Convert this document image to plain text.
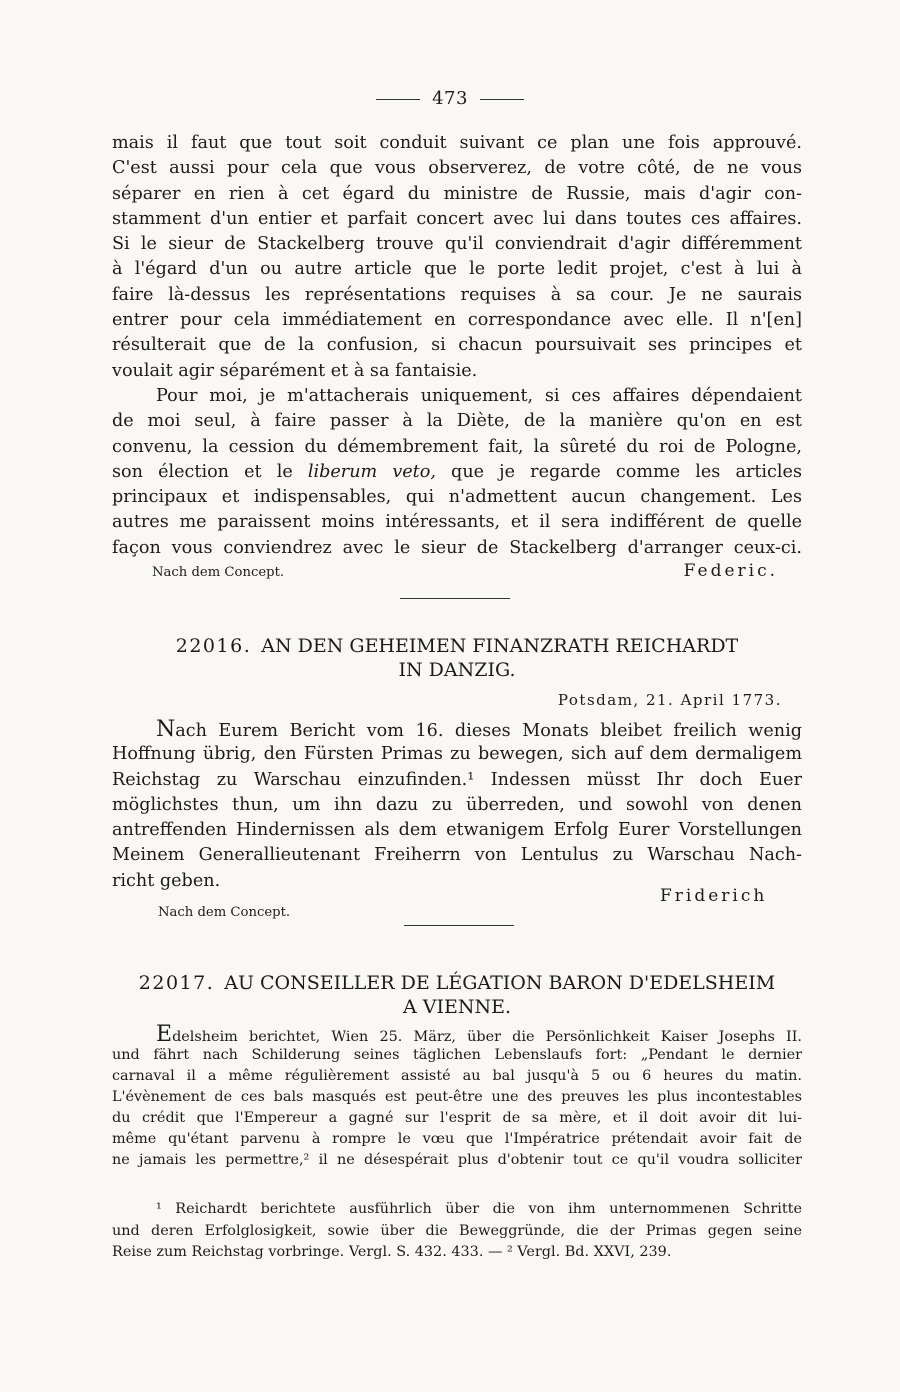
473
mais il faut que tout soit conduit suivant ce plan une fois approuvé.
C'est aussi pour cela que vous observerez, de votre côté, de ne vous
séparer en rien à cet égard du ministre de Russie, mais d'agir con-
stamment d'un entier et parfait concert avec lui dans toutes ces affaires.
Si le sieur de Stackelberg trouve qu'il conviendrait d'agir différemment
à l'égard d'un ou autre article que le porte ledit projet, c'est à lui à
faire là-dessus les représentations requises à sa cour. Je ne saurais
entrer pour cela immédiatement en correspondance avec elle. Il n'[en]
résulterait que de la confusion, si chacun poursuivait ses principes et
voulait agir séparément et à sa fantaisie.
Pour moi, je m'attacherais uniquement, si ces affaires dépendaient
de moi seul, à faire passer à la Diète, de la manière qu'on en est
convenu, la cession du démembrement fait, la sûreté du roi de Pologne,
son élection et le liberum veto, que je regarde comme les articles
principaux et indispensables, qui n'admettent aucun changement. Les
autres me paraissent moins intéressants, et il sera indifférent de quelle
façon vous conviendrez avec le sieur de Stackelberg d'arranger ceux-ci.
Nach dem Concept.	Federic.
22016. AN DEN GEHEIMEN FINANZRATH REICHARDT
IN DANZIG.
Potsdam, 21. April 1773.
Nach Eurem Bericht vom 16. dieses Monats bleibet freilich wenig
Hoffnung übrig, den Fürsten Primas zu bewegen, sich auf dem dermaligem
Reichstag zu Warschau einzufinden.¹ Indessen müsst Ihr doch Euer
möglichstes thun, um ihn dazu zu überreden, und sowohl von denen
antreffenden Hindernissen als dem etwanigem Erfolg Eurer Vorstellungen
Meinem Generallieutenant Freiherrn von Lentulus zu Warschau Nach-
richt geben.
Friderich
Nach dem Concept.
22017. AU CONSEILLER DE LÉGATION BARON D'EDELSHEIM
A VIENNE.
Edelsheim berichtet, Wien 25. März, über die Persönlichkeit Kaiser Josephs II.
und fährt nach Schilderung seines täglichen Lebenslaufs fort: „Pendant le dernier
carnaval il a même régulièrement assisté au bal jusqu'à 5 ou 6 heures du matin.
L'évènement de ces bals masqués est peut-être une des preuves les plus incontestables
du crédit que l'Empereur a gagné sur l'esprit de sa mère, et il doit avoir dit lui-
même qu'étant parvenu à rompre le vœu que l'Impératrice prétendait avoir fait de
ne jamais les permettre,² il ne désespérait plus d'obtenir tout ce qu'il voudra solliciter
¹ Reichardt berichtete ausführlich über die von ihm unternommenen Schritte
und deren Erfolglosigkeit, sowie über die Beweggründe, die der Primas gegen seine
Reise zum Reichstag vorbringe. Vergl. S. 432. 433. — ² Vergl. Bd. XXVI, 239.
